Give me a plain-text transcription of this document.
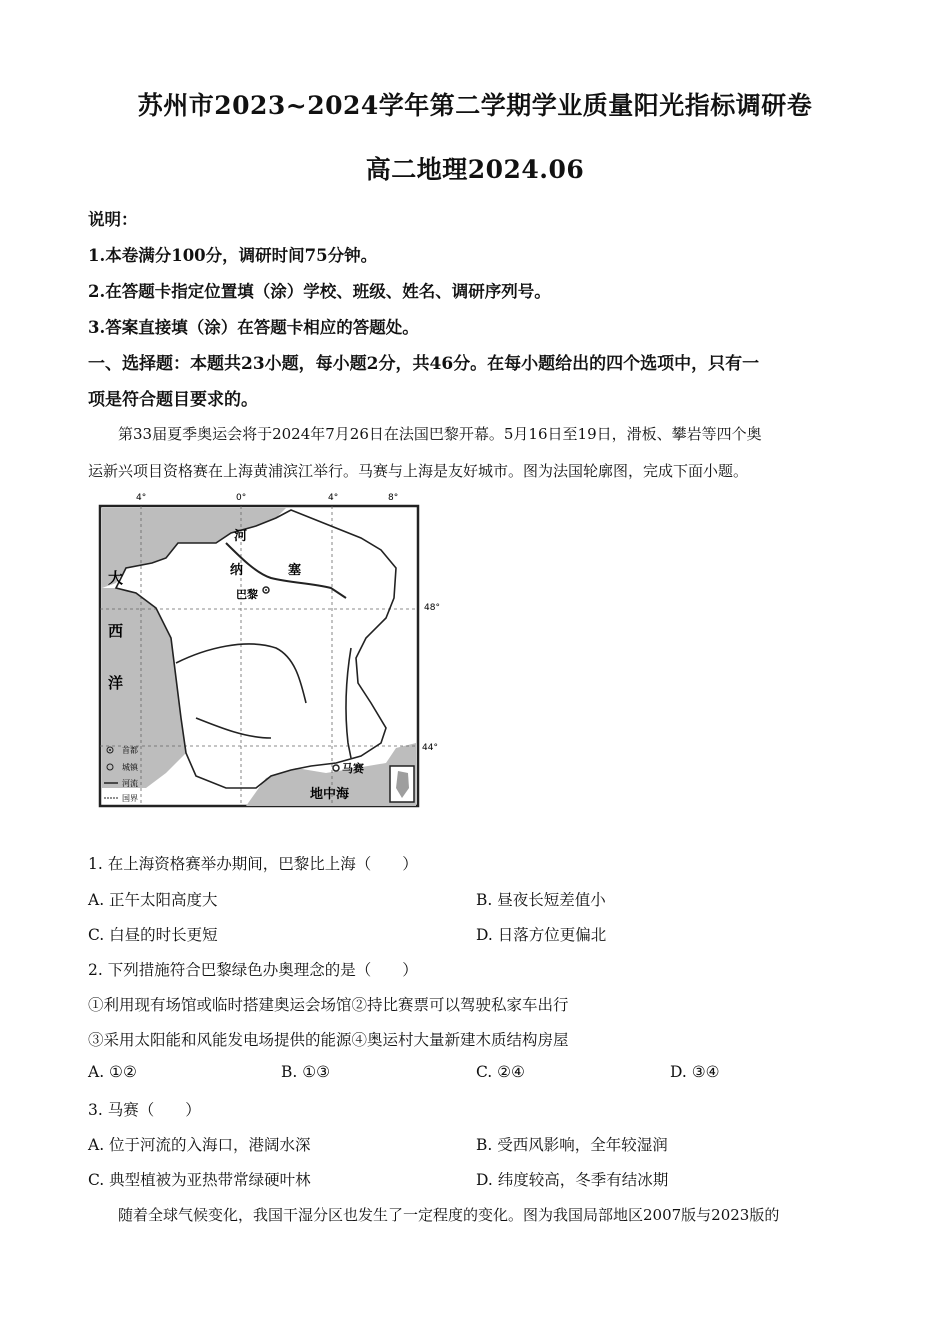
苏州市2023~2024学年第二学期学业质量阳光指标调研卷
高二地理2024.06
说明：
1.本卷满分100分，调研时间75分钟。
2.在答题卡指定位置填（涂）学校、班级、姓名、调研序列号。
3.答案直接填（涂）在答题卡相应的答题处。
一、选择题：本题共23小题，每小题2分，共46分。在每小题给出的四个选项中，只有一
项是符合题目要求的。
第33届夏季奥运会将于2024年7月26日在法国巴黎开幕。5月16日至19日，滑板、攀岩等四个奥
运新兴项目资格赛在上海黄浦滨江举行。马赛与上海是友好城市。图为法国轮廓图，完成下面小题。
4°	0°	4°	8°
48°
44°
大
西
洋
河
纳	塞
巴黎
马赛
地中海
首都
城镇
河流
国界
1. 在上海资格赛举办期间，巴黎比上海（　　）
A. 正午太阳高度大	B. 昼夜长短差值小
C. 白昼的时长更短	D. 日落方位更偏北
2. 下列措施符合巴黎绿色办奥理念的是（　　）
①利用现有场馆或临时搭建奥运会场馆②持比赛票可以驾驶私家车出行
③采用太阳能和风能发电场提供的能源④奥运村大量新建木质结构房屋
A. ①②	B. ①③	C. ②④	D. ③④
3. 马赛（　　）
A. 位于河流的入海口，港阔水深	B. 受西风影响，全年较湿润
C. 典型植被为亚热带常绿硬叶林	D. 纬度较高，冬季有结冰期
随着全球气候变化，我国干湿分区也发生了一定程度的变化。图为我国局部地区2007版与2023版的
